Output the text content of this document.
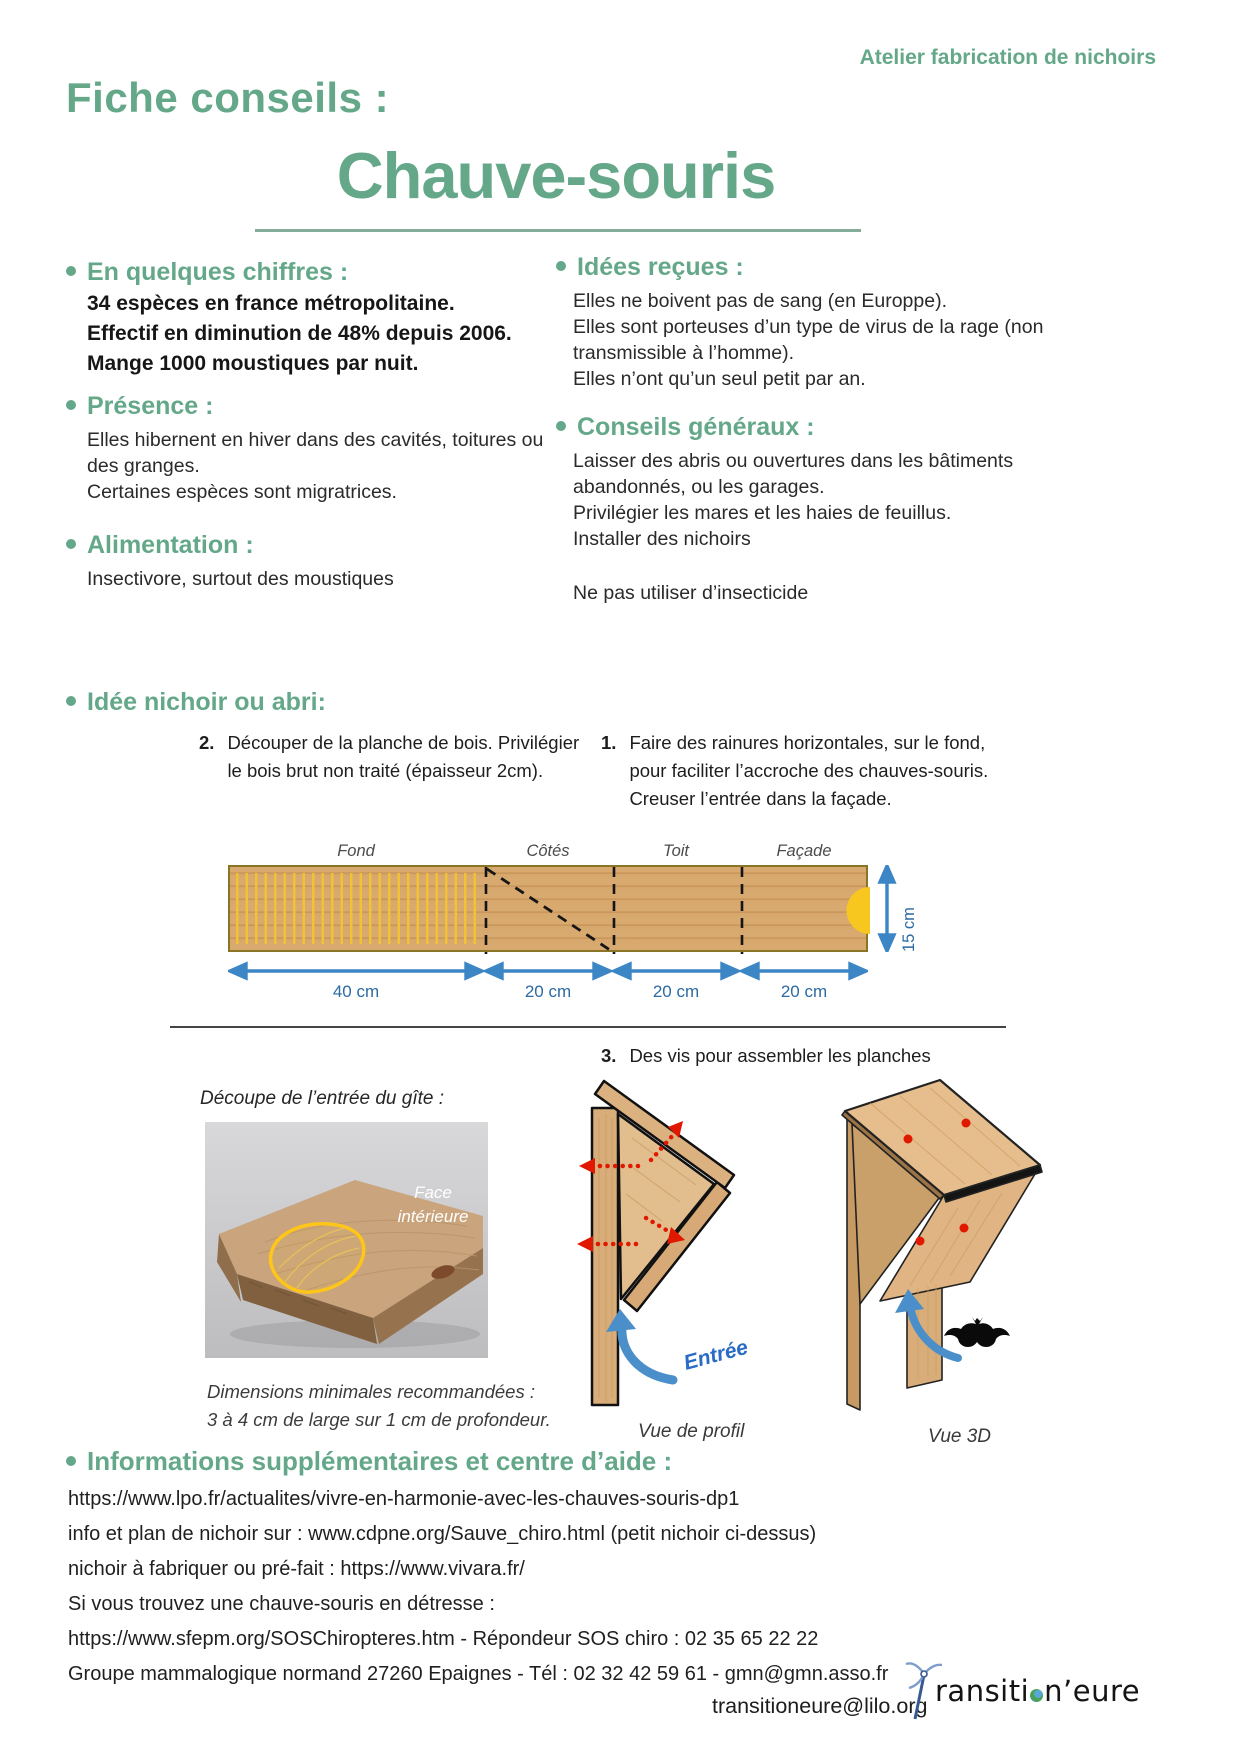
Atelier fabrication de nichoirs
Fiche conseils :
Chauve-souris
En quelques chiffres :
34 espèces en france métropolitaine.
Effectif en diminution de 48% depuis 2006.
Mange 1000 moustiques par nuit.
Présence :
Elles hibernent en hiver dans des cavités, toitures ou des granges.
Certaines espèces sont migratrices.
Alimentation :
Insectivore, surtout des moustiques
Idées reçues :
Elles ne boivent pas de sang (en Europpe).
Elles sont porteuses d’un type de virus de la rage (non transmissible à l’homme).
Elles n’ont qu’un seul petit par an.
Conseils généraux :
Laisser des abris ou ouvertures dans les bâtiments abandonnés, ou les garages.
Privilégier les mares et les haies de feuillus.
Installer des nichoirs
Ne pas utiliser d’insecticide
Idée nichoir ou abri:
2. Découper de la planche de bois. Privilégier le bois brut non traité (épaisseur 2cm).
1. Faire des rainures horizontales, sur le fond, pour faciliter l’accroche des chauves-souris. Creuser l’entrée dans la façade.
Fond	Côtés	Toit	Façade
40 cm	20 cm	20 cm	20 cm
15 cm
3. Des vis pour assembler les planches
Découpe de l’entrée du gîte :
Face
intérieure
Dimensions minimales recommandées :
3 à 4 cm de large sur 1 cm de profondeur.
Entrée
Vue de profil	Vue 3D
Informations supplémentaires et centre d’aide :
https://www.lpo.fr/actualites/vivre-en-harmonie-avec-les-chauves-souris-dp1
info et plan de nichoir sur : www.cdpne.org/Sauve_chiro.html (petit nichoir ci-dessus)
nichoir à fabriquer ou pré-fait : https://www.vivara.fr/
Si vous trouvez une chauve-souris en détresse :
https://www.sfepm.org/SOSChiropteres.htm - Répondeur SOS chiro : 02 35 65 22 22
Groupe mammalogique normand 27260 Epaignes - Tél : 02 32 42 59 61 - gmn@gmn.asso.fr
transitioneure@lilo.org ransiti n’eure
